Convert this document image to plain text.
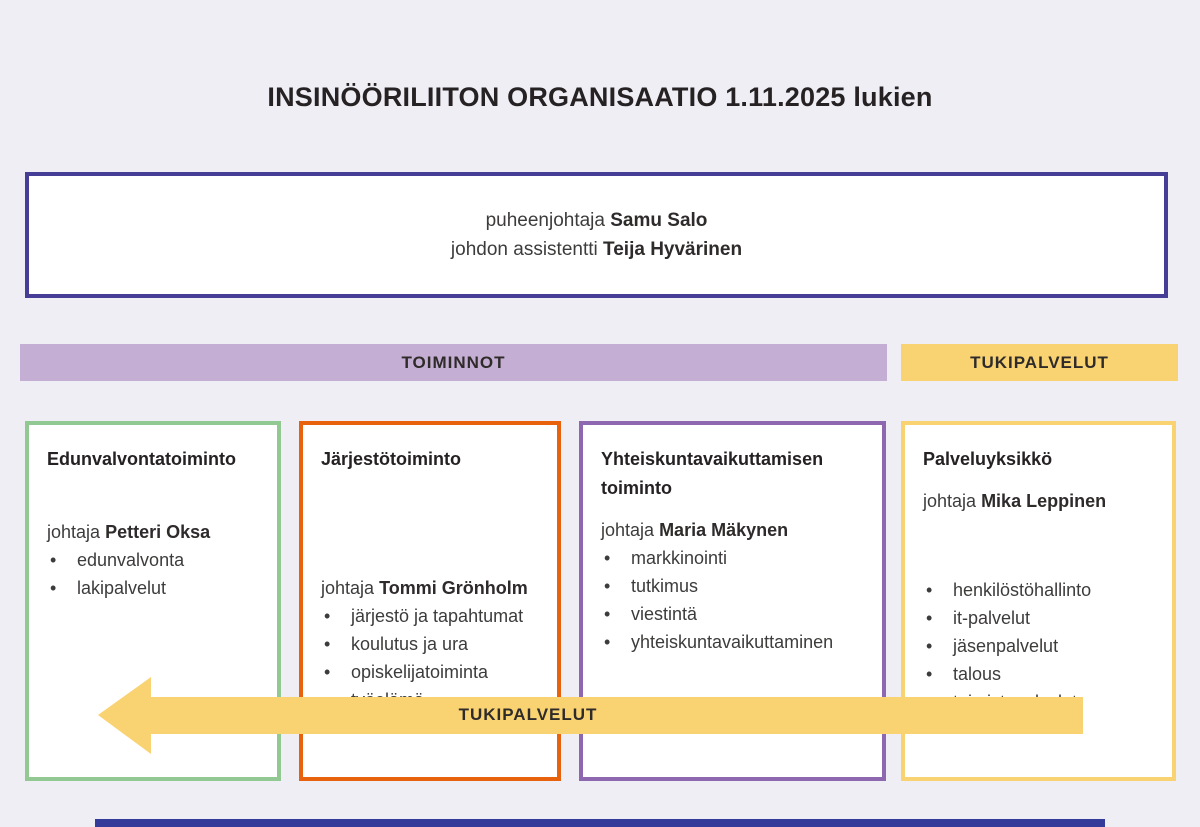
INSINÖÖRILIITON ORGANISAATIO 1.11.2025 lukien
puheenjohtaja Samu Salo
johdon assistentti Teija Hyvärinen
TOIMINNOT	TUKIPALVELUT
Edunvalvontatoiminto
johtaja Petteri Oksa
•	edunvalvonta
•	lakipalvelut
Järjestötoiminto
johtaja Tommi Grönholm
•	järjestö ja tapahtumat
•	koulutus ja ura
•	opiskelijatoiminta
Yhteiskuntavaikuttamisen toiminto
johtaja Maria Mäkynen
•	markkinointi
•	tutkimus
•	viestintä
•	yhteiskuntavaikuttaminen
Palveluyksikkö
johtaja Mika Leppinen
•	henkilöstöhallinto
•	it-palvelut
•	jäsenpalvelut
•	talous
TUKIPALVELUT
